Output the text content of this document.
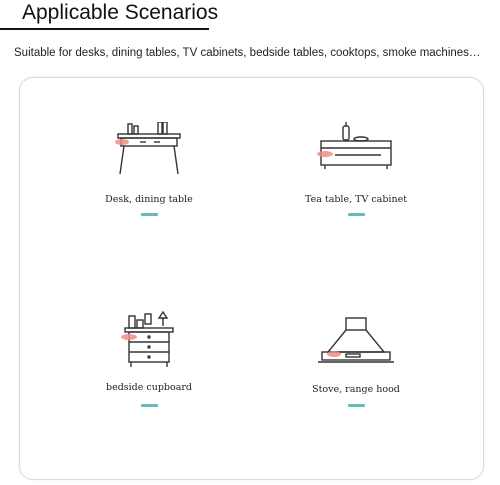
Applicable Scenarios
Suitable for desks, dining tables, TV cabinets, bedside tables, cooktops, smoke machines…
Desk, dining table	Tea table, TV cabinet
bedside cupboard	Stove, range hood
